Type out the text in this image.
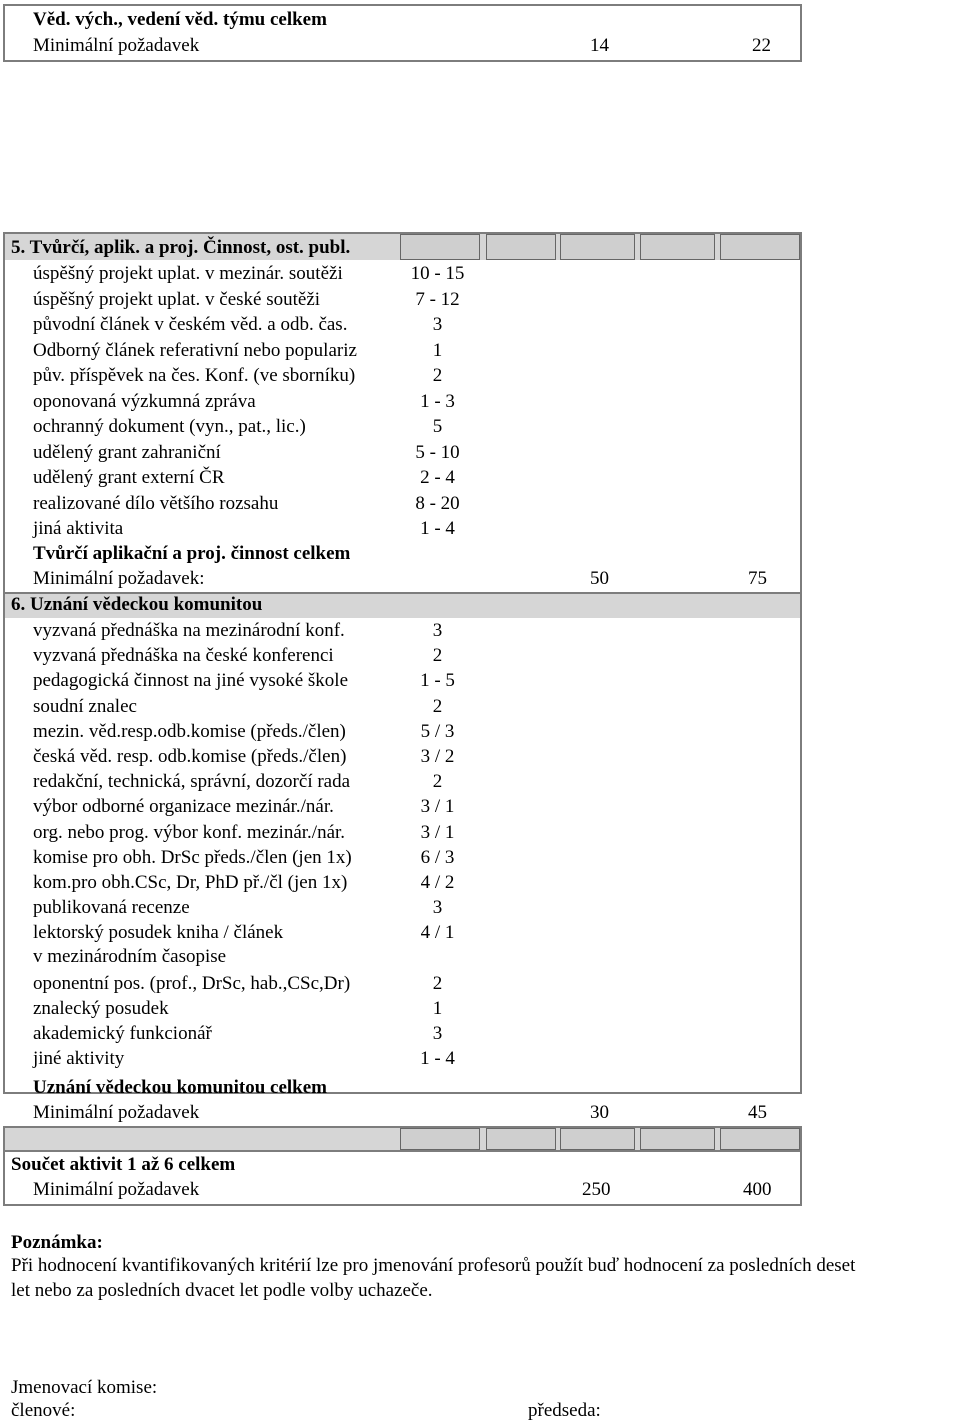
Věd. vých., vedení věd. týmu celkem
Minimální požadavek	14	22
5. Tvůrčí, aplik. a proj. Činnost, ost. publ.
úspěšný projekt uplat. v mezinár. soutěži	10 - 15
úspěšný projekt uplat. v české soutěži	7 - 12
původní článek v českém věd. a odb. čas.	3
Odborný článek referativní nebo populariz	1
pův. příspěvek na čes. Konf. (ve sborníku)	2
oponovaná výzkumná zpráva	1 - 3
ochranný dokument (vyn., pat., lic.)	5
udělený grant zahraniční	5 - 10
udělený grant externí ČR	2 - 4
realizované dílo většího rozsahu	8 - 20
jiná aktivita	1 - 4
Tvůrčí aplikační a proj. činnost celkem
Minimální požadavek:	50	75
6. Uznání vědeckou komunitou
vyzvaná přednáška na mezinárodní konf.	3
vyzvaná přednáška na české konferenci	2
pedagogická činnost na jiné vysoké škole	1 - 5
soudní znalec	2
mezin. věd.resp.odb.komise (předs./člen)	5 / 3
česká věd. resp. odb.komise (předs./člen)	3 / 2
redakční, technická, správní, dozorčí rada	2
výbor odborné organizace mezinár./nár.	3 / 1
org. nebo prog. výbor konf. mezinár./nár.	3 / 1
komise pro obh. DrSc předs./člen (jen 1x)	6 / 3
kom.pro obh.CSc, Dr, PhD př./čl (jen 1x)	4 / 2
publikovaná recenze	3
lektorský posudek kniha / článek	4 / 1
v mezinárodním časopise
oponentní pos. (prof., DrSc, hab.,CSc,Dr)	2
znalecký posudek	1
akademický funkcionář	3
jiné aktivity	1 - 4
Uznání vědeckou komunitou celkem
Minimální požadavek	30	45
Součet aktivit 1 až 6 celkem
Minimální požadavek	250	400
Poznámka:
Při hodnocení kvantifikovaných kritérií lze pro jmenování profesorů použít buď hodnocení za posledních deset
let nebo za posledních dvacet let podle volby uchazeče.
Jmenovací komise:
členové:	předseda:
